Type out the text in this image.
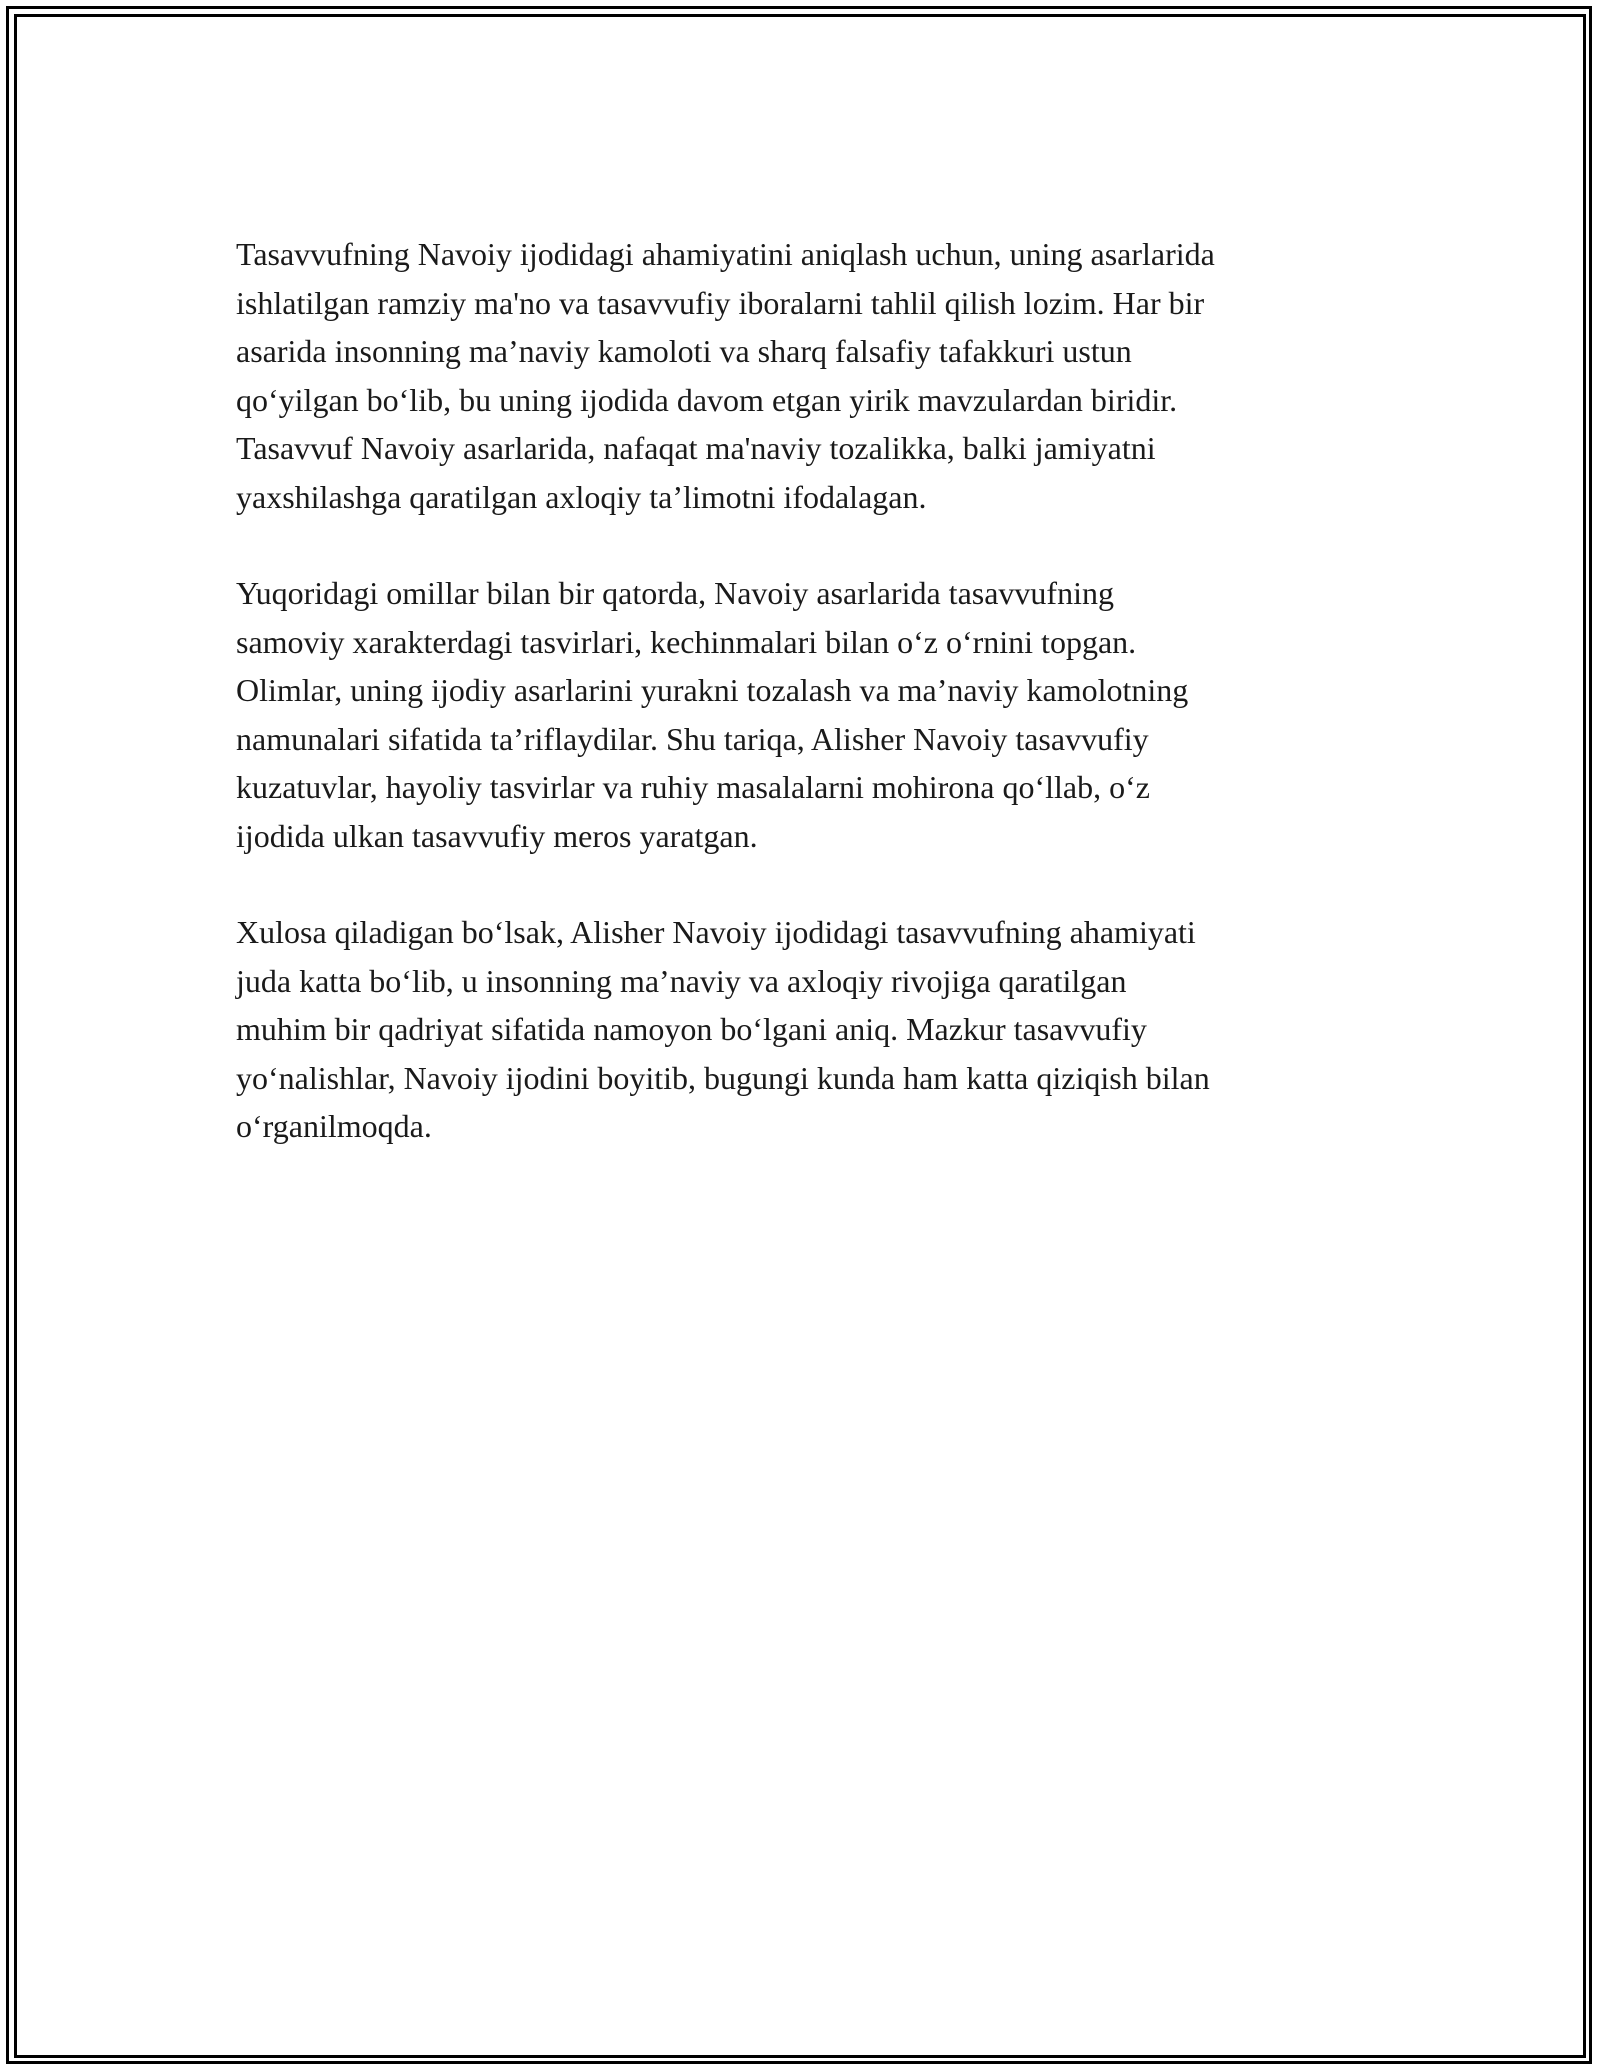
Tasavvufning Navoiy ijodidagi ahamiyatini aniqlash uchun, uning asarlarida
ishlatilgan ramziy ma'no va tasavvufiy iboralarni tahlil qilish lozim. Har bir
asarida insonning ma’naviy kamoloti va sharq falsafiy tafakkuri ustun
qo‘yilgan bo‘lib, bu uning ijodida davom etgan yirik mavzulardan biridir.
Tasavvuf Navoiy asarlarida, nafaqat ma'naviy tozalikka, balki jamiyatni
yaxshilashga qaratilgan axloqiy ta’limotni ifodalagan.

Yuqoridagi omillar bilan bir qatorda, Navoiy asarlarida tasavvufning
samoviy xarakterdagi tasvirlari, kechinmalari bilan o‘z o‘rnini topgan.
Olimlar, uning ijodiy asarlarini yurakni tozalash va ma’naviy kamolotning
namunalari sifatida ta’riflaydilar. Shu tariqa, Alisher Navoiy tasavvufiy
kuzatuvlar, hayoliy tasvirlar va ruhiy masalalarni mohirona qo‘llab, o‘z
ijodida ulkan tasavvufiy meros yaratgan.

Xulosa qiladigan bo‘lsak, Alisher Navoiy ijodidagi tasavvufning ahamiyati
juda katta bo‘lib, u insonning ma’naviy va axloqiy rivojiga qaratilgan
muhim bir qadriyat sifatida namoyon bo‘lgani aniq. Mazkur tasavvufiy
yo‘nalishlar, Navoiy ijodini boyitib, bugungi kunda ham katta qiziqish bilan
o‘rganilmoqda.
